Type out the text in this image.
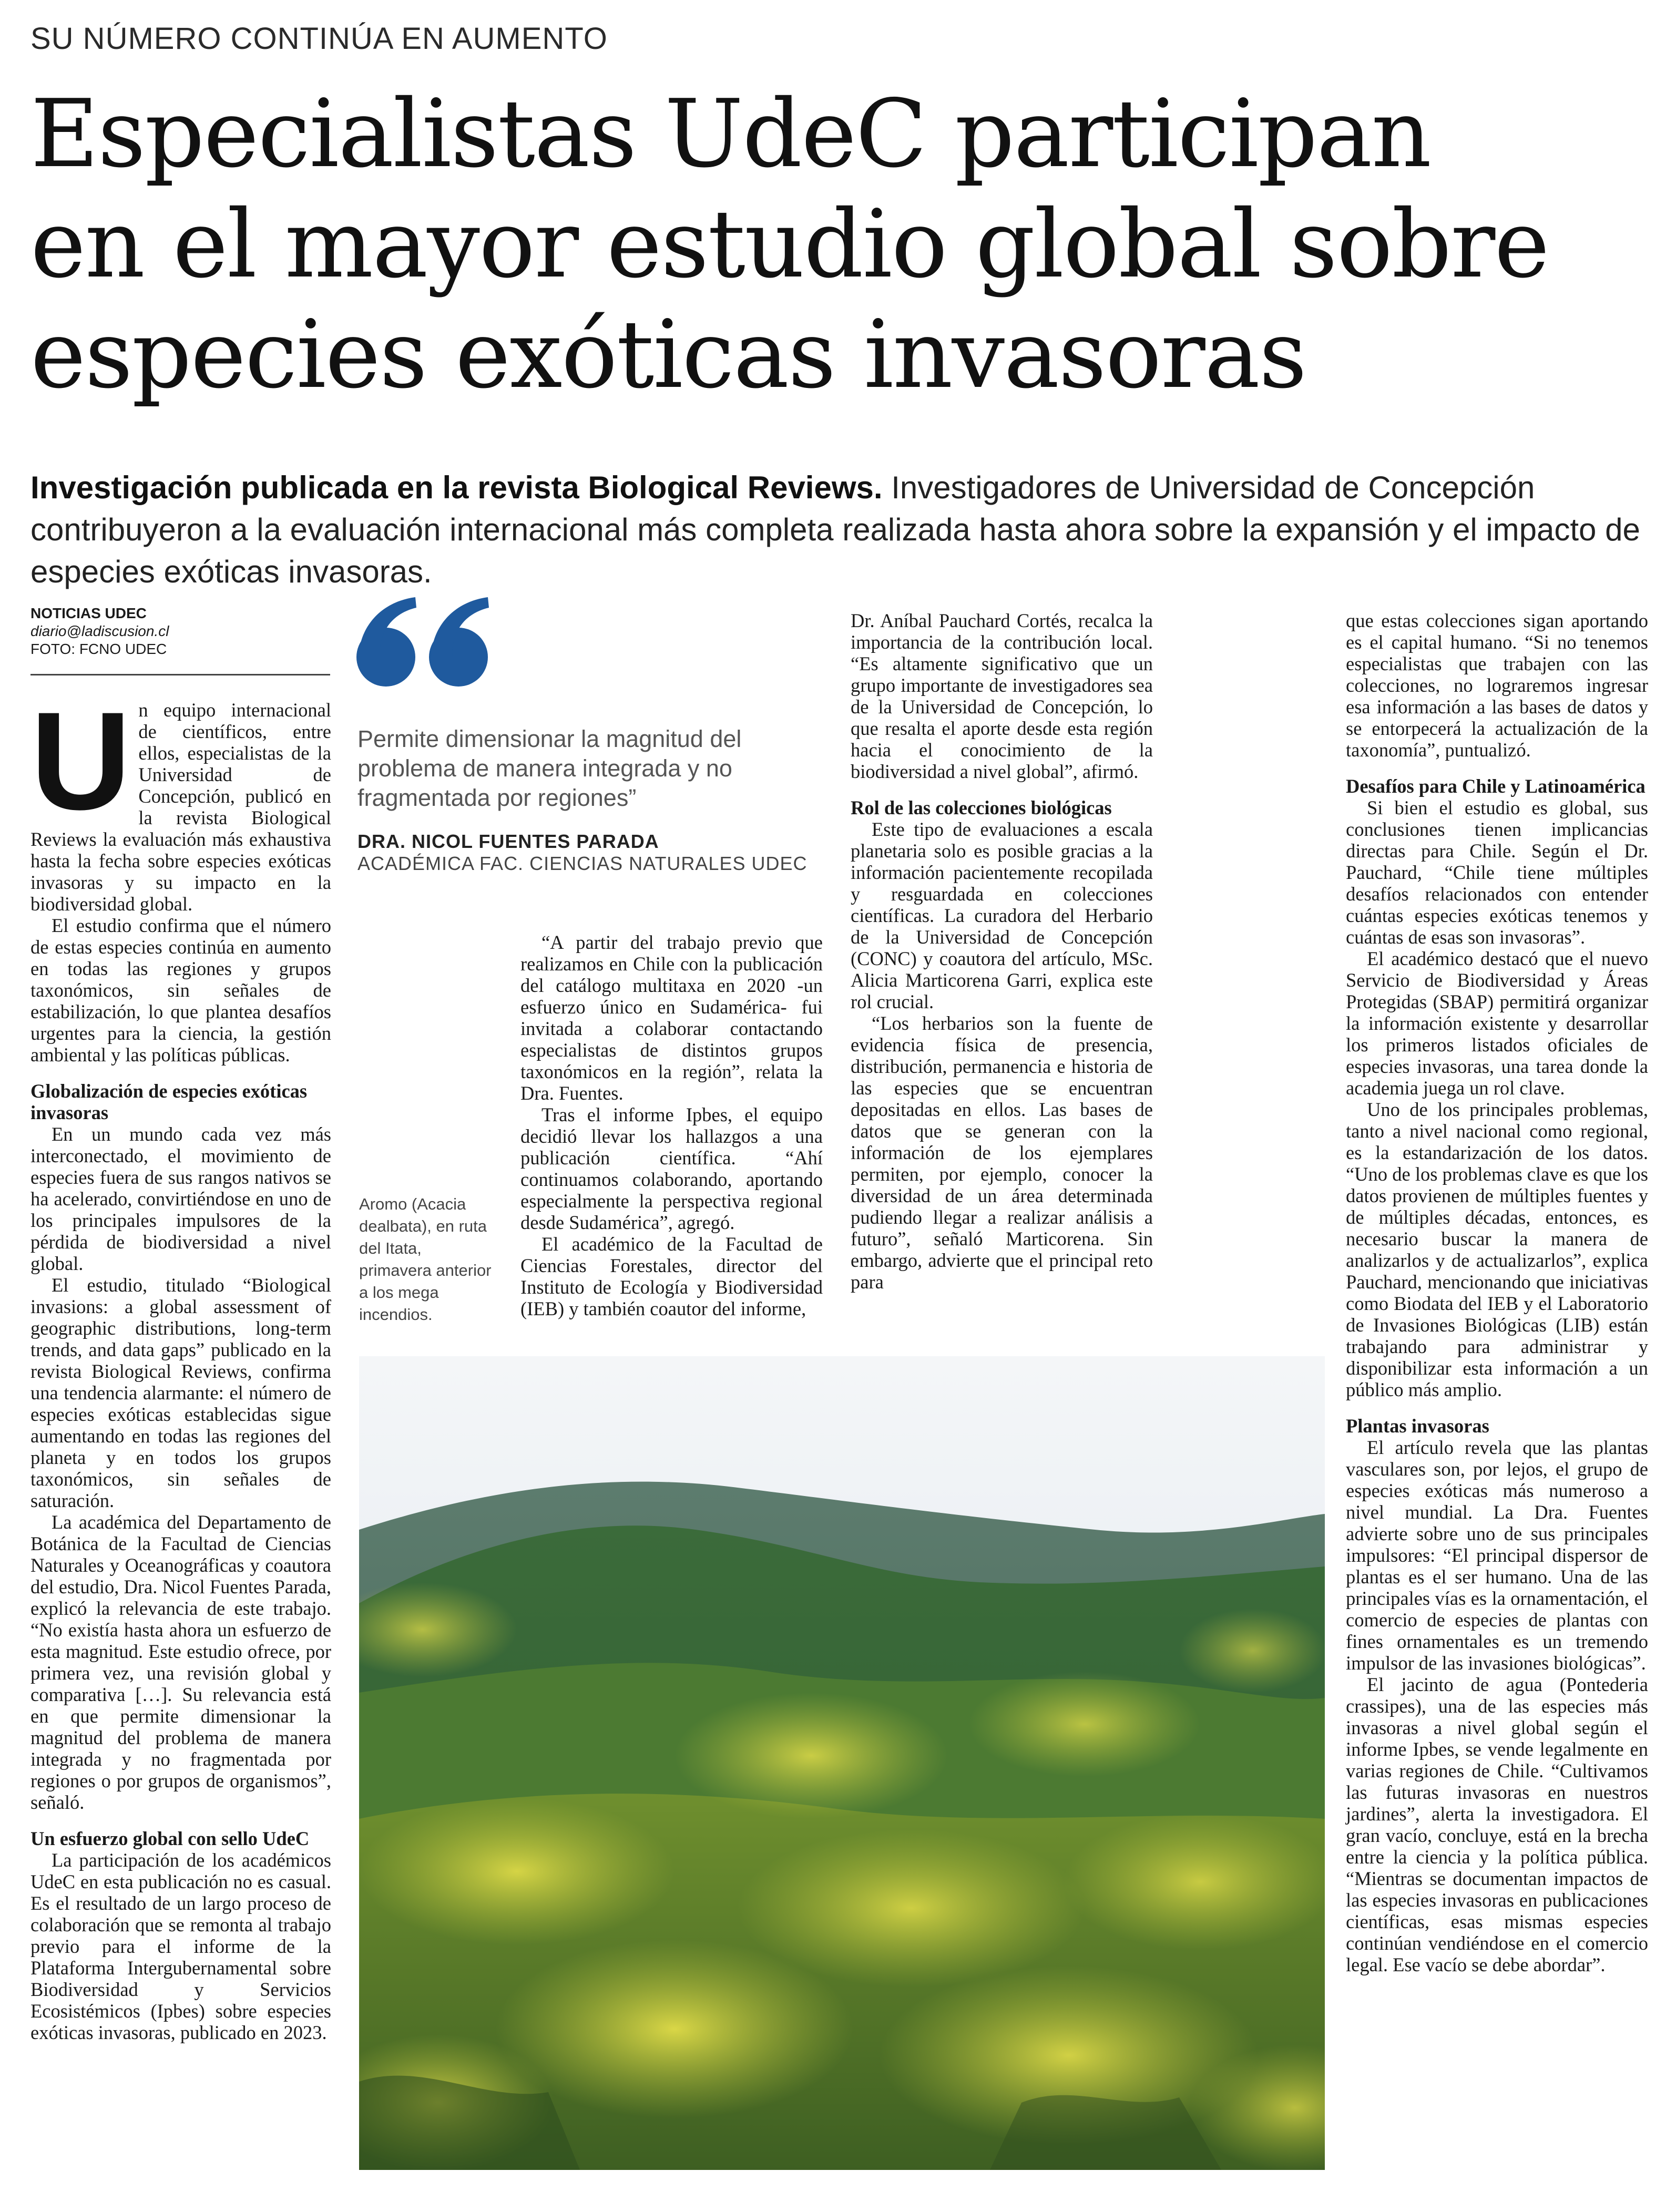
SU NÚMERO CONTINÚA EN AUMENTO
Especialistas UdeC participan
en el mayor estudio global sobre
especies exóticas invasoras
Investigación publicada en la revista Biological Reviews. Investigadores de Universidad de Concepción contribuyeron a la evaluación internacional más completa realizada hasta ahora sobre la expansión y el impacto de especies exóticas invasoras.
NOTICIAS UDEC
diario@ladiscusion.cl
FOTO: FCNO UDEC
U n equipo internacional de científicos, entre ellos, especialistas de la Universidad de Concepción, publicó en la revista Biological Reviews la evaluación más exhaustiva hasta la fecha sobre especies exóticas invasoras y su impacto en la biodiversidad global.

El estudio confirma que el número de estas especies continúa en aumento en todas las regiones y grupos taxonómicos, sin señales de estabilización, lo que plantea desafíos urgentes para la ciencia, la gestión ambiental y las políticas públicas.

Globalización de especies exóticas invasoras

En un mundo cada vez más interconectado, el movimiento de especies fuera de sus rangos nativos se ha acelerado, convirtiéndose en uno de los principales impulsores de la pérdida de biodiversidad a nivel global.

El estudio, titulado “Biological invasions: a global assessment of geographic distributions, long-term trends, and data gaps” publicado en la revista Biological Reviews, confirma una tendencia alarmante: el número de especies exóticas establecidas sigue aumentando en todas las regiones del planeta y en todos los grupos taxonómicos, sin señales de saturación.

La académica del Departamento de Botánica de la Facultad de Ciencias Naturales y Oceanográficas y coautora del estudio, Dra. Nicol Fuentes Parada, explicó la relevancia de este trabajo. “No existía hasta ahora un esfuerzo de esta magnitud. Este estudio ofrece, por primera vez, una revisión global y comparativa […]. Su relevancia está en que permite dimensionar la magnitud del problema de manera integrada y no fragmentada por regiones o por grupos de organismos”, señaló.

Un esfuerzo global con sello UdeC

La participación de los académicos UdeC en esta publicación no es casual. Es el resultado de un largo proceso de colaboración que se remonta al trabajo previo para el informe de la Plataforma Intergubernamental sobre Biodiversidad y Servicios Ecosistémicos (Ipbes) sobre especies exóticas invasoras, publicado en 2023.

Permite dimensionar la magnitud del problema de manera integrada y no fragmentada por regiones”
DRA. NICOL FUENTES PARADA
ACADÉMICA FAC. CIENCIAS NATURALES UDEC

“A partir del trabajo previo que realizamos en Chile con la publicación del catálogo multitaxa en 2020 -un esfuerzo único en Sudamérica- fui invitada a colaborar contactando especialistas de distintos grupos taxonómicos en la región”, relata la Dra. Fuentes.

Tras el informe Ipbes, el equipo decidió llevar los hallazgos a una publicación científica. “Ahí continuamos colaborando, aportando especialmente la perspectiva regional desde Sudamérica”, agregó.

El académico de la Facultad de Ciencias Forestales, director del Instituto de Ecología y Biodiversidad (IEB) y también coautor del informe,

Dr. Aníbal Pauchard Cortés, recalca la importancia de la contribución local. “Es altamente significativo que un grupo importante de investigadores sea de la Universidad de Concepción, lo que resalta el aporte desde esta región hacia el conocimiento de la biodiversidad a nivel global”, afirmó.

Rol de las colecciones biológicas

Este tipo de evaluaciones a escala planetaria solo es posible gracias a la información pacientemente recopilada y resguardada en colecciones científicas. La curadora del Herbario de la Universidad de Concepción (CONC) y coautora del artículo, MSc. Alicia Marticorena Garri, explica este rol crucial.

“Los herbarios son la fuente de evidencia física de presencia, distribución, permanencia e historia de las especies que se encuentran depositadas en ellos. Las bases de datos que se generan con la información de los ejemplares permiten, por ejemplo, conocer la diversidad de un área determinada pudiendo llegar a realizar análisis a futuro”, señaló Marticorena. Sin embargo, advierte que el principal reto para

que estas colecciones sigan aportando es el capital humano. “Si no tenemos especialistas que trabajen con las colecciones, no lograremos ingresar esa información a las bases de datos y se entorpecerá la actualización de la taxonomía”, puntualizó.

Desafíos para Chile y Latinoamérica

Si bien el estudio es global, sus conclusiones tienen implicancias directas para Chile. Según el Dr. Pauchard, “Chile tiene múltiples desafíos relacionados con entender cuántas especies exóticas tenemos y cuántas de esas son invasoras”.

El académico destacó que el nuevo Servicio de Biodiversidad y Áreas Protegidas (SBAP) permitirá organizar la información existente y desarrollar los primeros listados oficiales de especies invasoras, una tarea donde la academia juega un rol clave.

Uno de los principales problemas, tanto a nivel nacional como regional, es la estandarización de los datos. “Uno de los problemas clave es que los datos provienen de múltiples fuentes y de múltiples décadas, entonces, es necesario buscar la manera de analizarlos y de actualizarlos”, explica Pauchard, mencionando que iniciativas como Biodata del IEB y el Laboratorio de Invasiones Biológicas (LIB) están trabajando para administrar y disponibilizar esta información a un público más amplio.

Plantas invasoras

El artículo revela que las plantas vasculares son, por lejos, el grupo de especies exóticas más numeroso a nivel mundial. La Dra. Fuentes advierte sobre uno de sus principales impulsores: “El principal dispersor de plantas es el ser humano. Una de las principales vías es la ornamentación, el comercio de especies de plantas con fines ornamentales es un tremendo impulsor de las invasiones biológicas”.

El jacinto de agua (Pontederia crassipes), una de las especies más invasoras a nivel global según el informe Ipbes, se vende legalmente en varias regiones de Chile. “Cultivamos las futuras invasoras en nuestros jardines”, alerta la investigadora. El gran vacío, concluye, está en la brecha entre la ciencia y la política pública. “Mientras se documentan impactos de las especies invasoras en publicaciones científicas, esas mismas especies continúan vendiéndose en el comercio legal. Ese vacío se debe abordar”.

Aromo (Acacia dealbata), en ruta del Itata, primavera anterior a los mega incendios.
